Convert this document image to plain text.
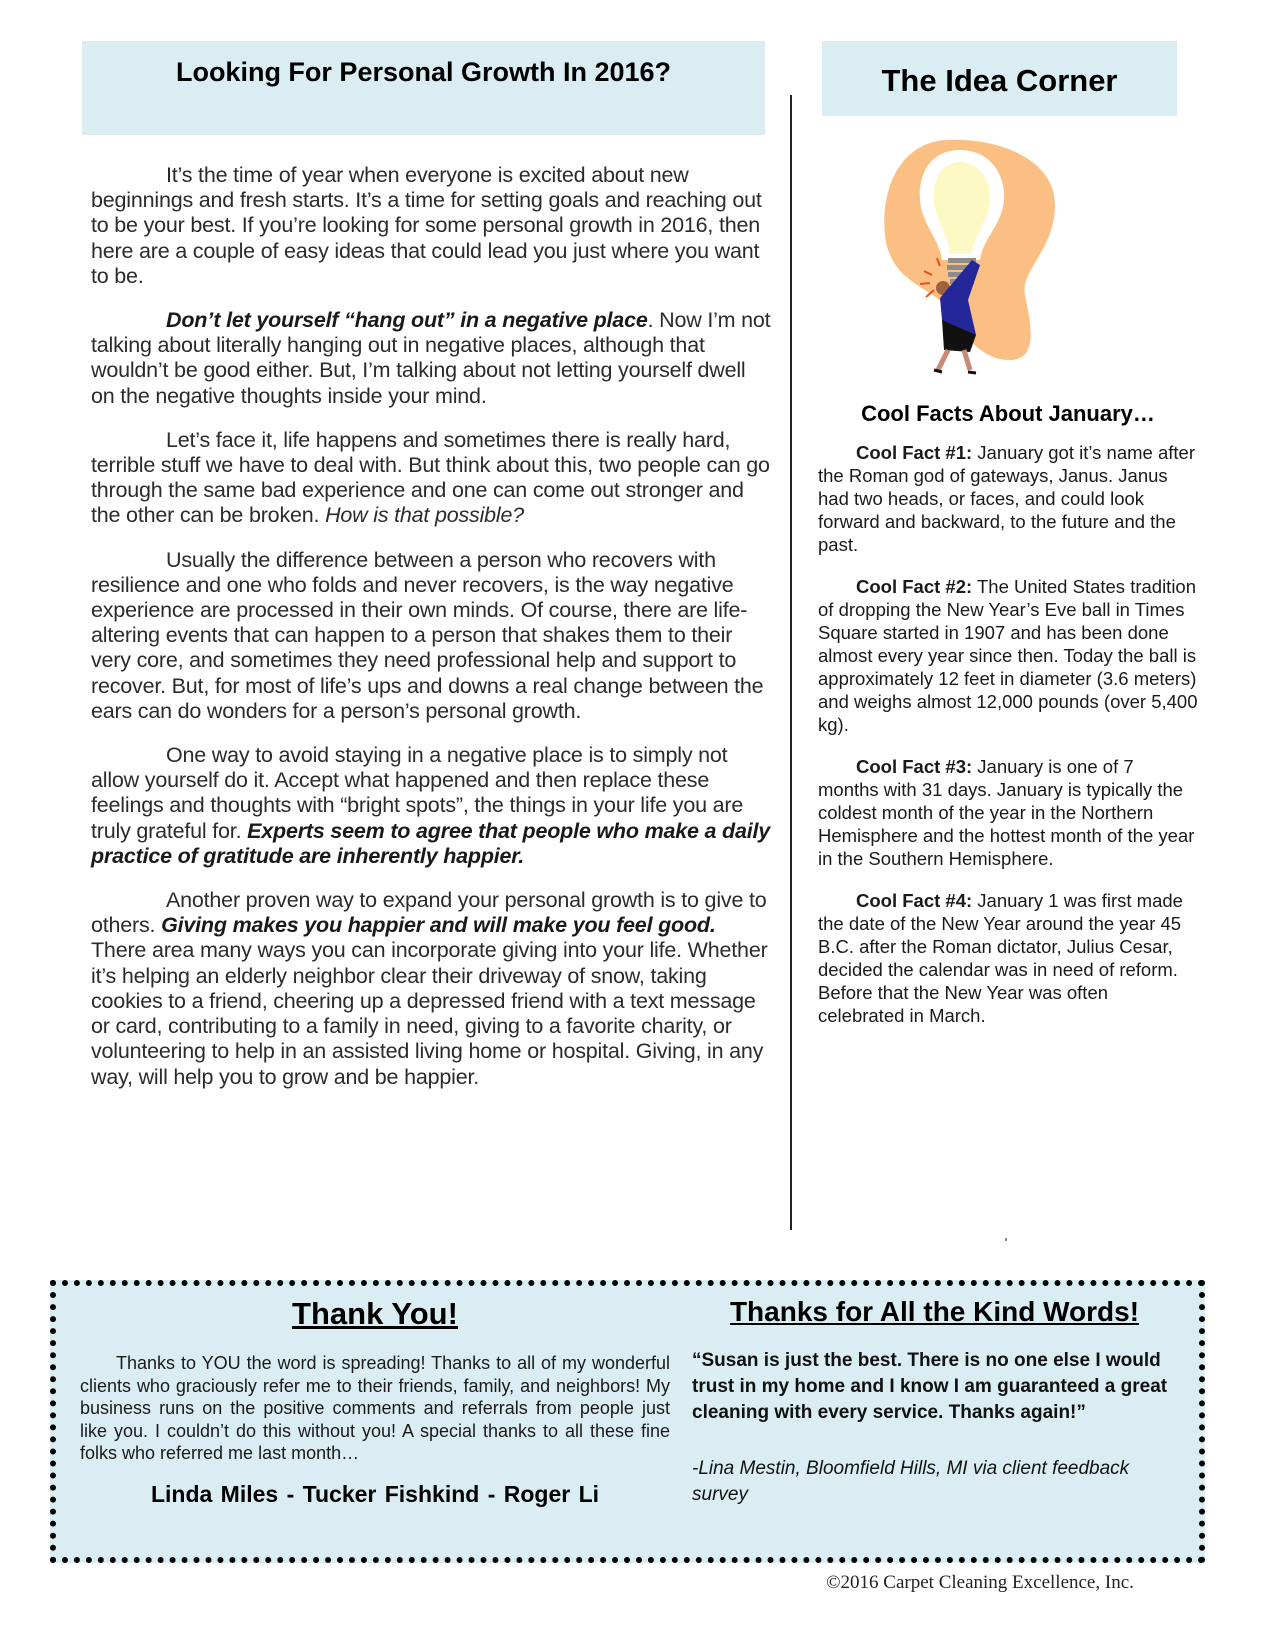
Looking For Personal Growth In 2016?	The Idea Corner

It’s the time of year when everyone is excited about new beginnings and fresh starts. It’s a time for setting goals and reaching out to be your best. If you’re looking for some personal growth in 2016, then here are a couple of easy ideas that could lead you just where you want to be.

Don’t let yourself “hang out” in a negative place. Now I’m not talking about literally hanging out in negative places, although that wouldn’t be good either. But, I’m talking about not letting yourself dwell on the negative thoughts inside your mind.

Let’s face it, life happens and sometimes there is really hard, terrible stuff we have to deal with. But think about this, two people can go through the same bad experience and one can come out stronger and the other can be broken. How is that possible?

Usually the difference between a person who recovers with resilience and one who folds and never recovers, is the way negative experience are processed in their own minds. Of course, there are life-altering events that can happen to a person that shakes them to their very core, and sometimes they need professional help and support to recover. But, for most of life’s ups and downs a real change between the ears can do wonders for a person’s personal growth.

One way to avoid staying in a negative place is to simply not allow yourself do it. Accept what happened and then replace these feelings and thoughts with “bright spots”, the things in your life you are truly grateful for. Experts seem to agree that people who make a daily practice of gratitude are inherently happier.

Another proven way to expand your personal growth is to give to others. Giving makes you happier and will make you feel good. There area many ways you can incorporate giving into your life. Whether it’s helping an elderly neighbor clear their driveway of snow, taking cookies to a friend, cheering up a depressed friend with a text message or card, contributing to a family in need, giving to a favorite charity, or volunteering to help in an assisted living home or hospital. Giving, in any way, will help you to grow and be happier.

Cool Facts About January…

Cool Fact #1: January got it’s name after the Roman god of gateways, Janus. Janus had two heads, or faces, and could look forward and backward, to the future and the past.

Cool Fact #2: The United States tradition of dropping the New Year’s Eve ball in Times Square started in 1907 and has been done almost every year since then. Today the ball is approximately 12 feet in diameter (3.6 meters) and weighs almost 12,000 pounds (over 5,400 kg).

Cool Fact #3: January is one of 7 months with 31 days. January is typically the coldest month of the year in the Northern Hemisphere and the hottest month of the year in the Southern Hemisphere.

Cool Fact #4: January 1 was first made the date of the New Year around the year 45 B.C. after the Roman dictator, Julius Cesar, decided the calendar was in need of reform. Before that the New Year was often celebrated in March.

Thank You!

Thanks to YOU the word is spreading! Thanks to all of my wonderful clients who graciously refer me to their friends, family, and neighbors! My business runs on the positive comments and referrals from people just like you. I couldn’t do this without you! A special thanks to all these fine folks who referred me last month…

Linda Miles - Tucker Fishkind - Roger Li
Thanks for All the Kind Words!

“Susan is just the best. There is no one else I would trust in my home and I know I am guaranteed a great cleaning with every service. Thanks again!”

-Lina Mestin, Bloomfield Hills, MI via client feedback survey

©2016 Carpet Cleaning Excellence, Inc.
